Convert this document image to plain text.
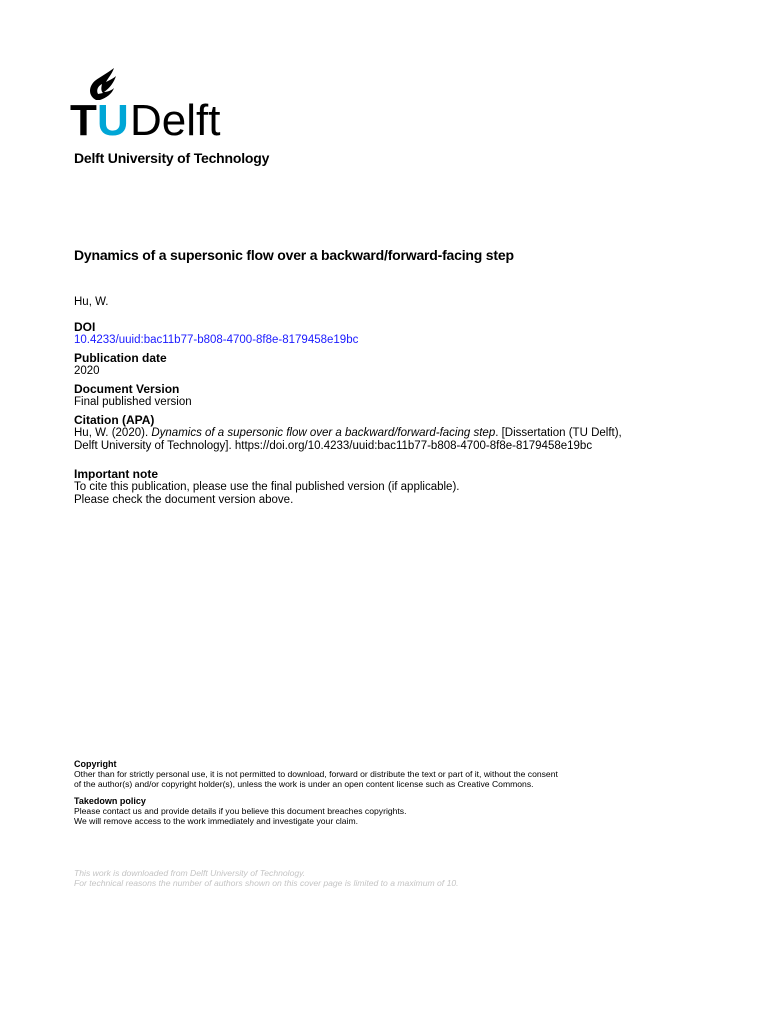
T U Delft
Delft University of Technology
Dynamics of a supersonic flow over a backward/forward-facing step
Hu, W.
DOI
10.4233/uuid:bac11b77-b808-4700-8f8e-8179458e19bc
Publication date
2020
Document Version
Final published version
Citation (APA)
Hu, W. (2020). Dynamics of a supersonic flow over a backward/forward-facing step. [Dissertation (TU Delft),
Delft University of Technology]. https://doi.org/10.4233/uuid:bac11b77-b808-4700-8f8e-8179458e19bc
Important note
To cite this publication, please use the final published version (if applicable).
Please check the document version above.
Copyright
Other than for strictly personal use, it is not permitted to download, forward or distribute the text or part of it, without the consent
of the author(s) and/or copyright holder(s), unless the work is under an open content license such as Creative Commons.
Takedown policy
Please contact us and provide details if you believe this document breaches copyrights.
We will remove access to the work immediately and investigate your claim.
This work is downloaded from Delft University of Technology.
For technical reasons the number of authors shown on this cover page is limited to a maximum of 10.
